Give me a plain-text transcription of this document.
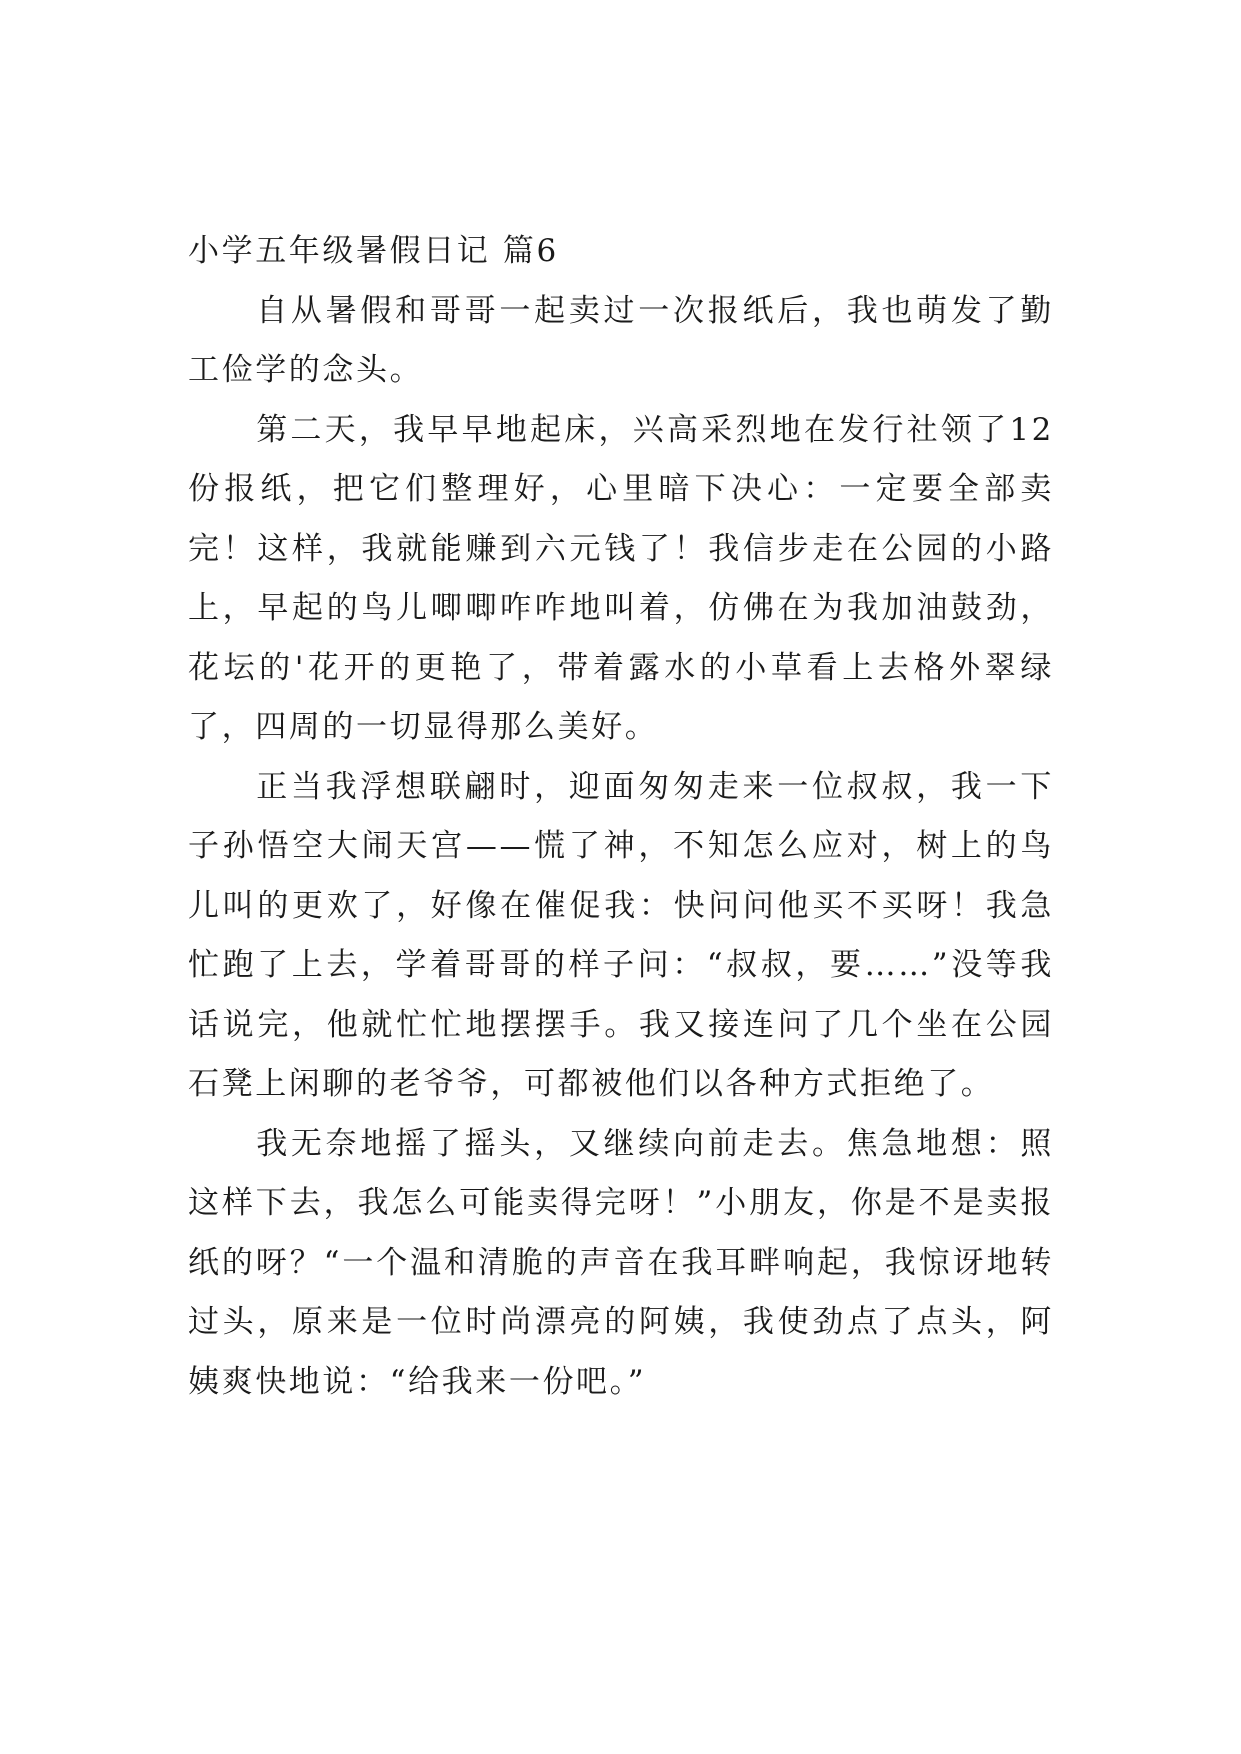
小学五年级暑假日记 篇6

自从暑假和哥哥一起卖过一次报纸后，我也萌发了勤工俭学的念头。

第二天，我早早地起床，兴高采烈地在发行社领了12份报纸，把它们整理好，心里暗下决心：一定要全部卖完！这样，我就能赚到六元钱了！我信步走在公园的小路上，早起的鸟儿唧唧咋咋地叫着，仿佛在为我加油鼓劲，花坛的'花开的更艳了，带着露水的小草看上去格外翠绿了，四周的一切显得那么美好。

正当我浮想联翩时，迎面匆匆走来一位叔叔，我一下子孙悟空大闹天宫——慌了神，不知怎么应对，树上的鸟儿叫的更欢了，好像在催促我：快问问他买不买呀！我急忙跑了上去，学着哥哥的样子问：“叔叔，要……”没等我话说完，他就忙忙地摆摆手。我又接连问了几个坐在公园石凳上闲聊的老爷爷，可都被他们以各种方式拒绝了。

我无奈地摇了摇头，又继续向前走去。焦急地想：照这样下去，我怎么可能卖得完呀！”小朋友，你是不是卖报纸的呀？“一个温和清脆的声音在我耳畔响起，我惊讶地转过头，原来是一位时尚漂亮的阿姨，我使劲点了点头，阿姨爽快地说：“给我来一份吧。”
